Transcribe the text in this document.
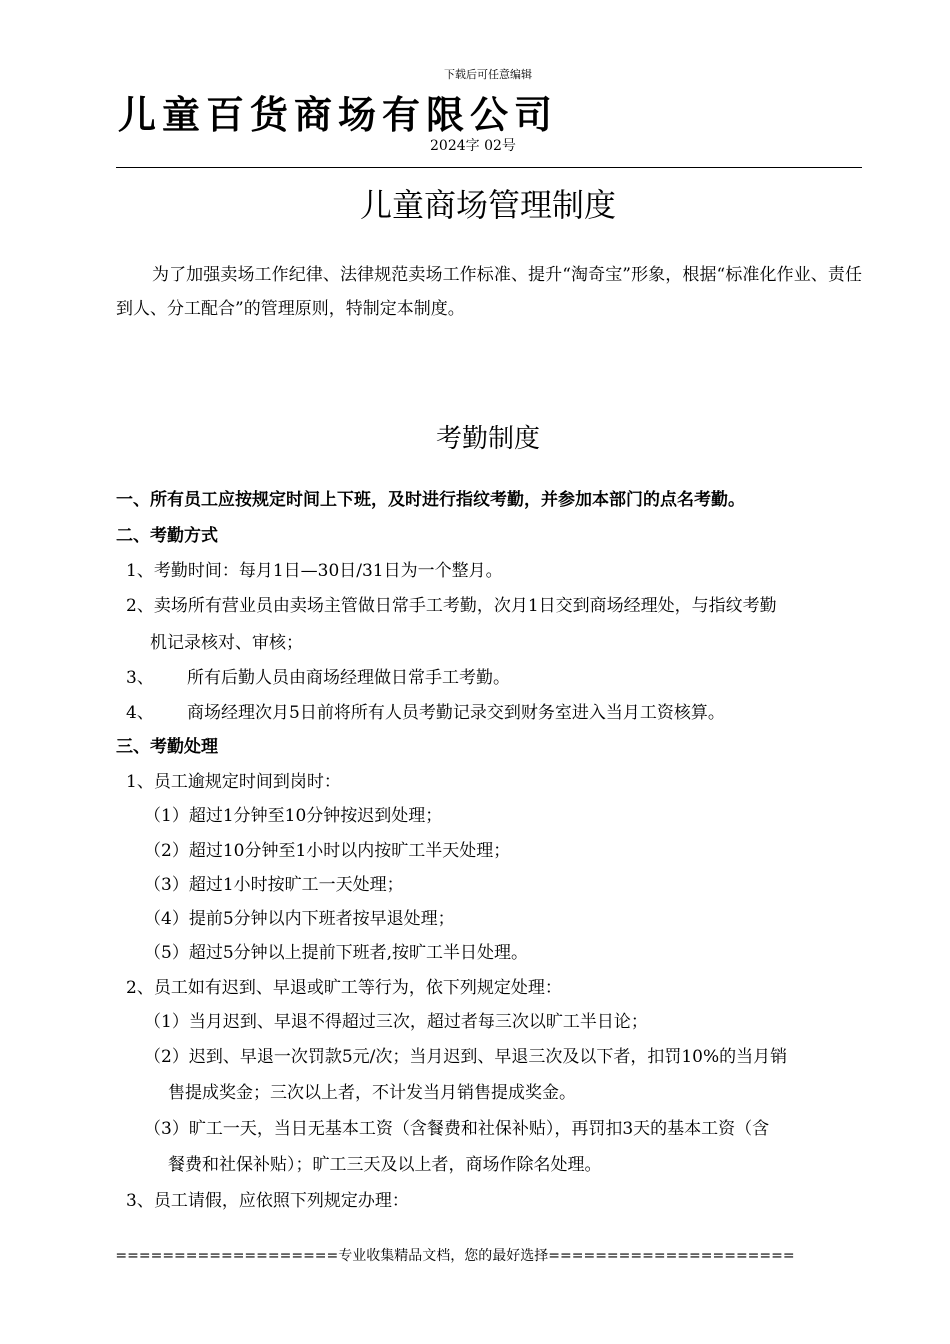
下载后可任意编辑
儿童百货商场有限公司
2024字 02号
儿童商场管理制度
为了加强卖场工作纪律、法律规范卖场工作标准、提升“淘奇宝”形象，根据“标准化作业、责任到人、分工配合”的管理原则，特制定本制度。
考勤制度
一、所有员工应按规定时间上下班，及时进行指纹考勤，并参加本部门的点名考勤。
二、考勤方式
1、考勤时间：每月1日—30日/31日为一个整月。
2、卖场所有营业员由卖场主管做日常手工考勤，次月1日交到商场经理处，与指纹考勤
机记录核对、审核；
3、 所有后勤人员由商场经理做日常手工考勤。
4、 商场经理次月5日前将所有人员考勤记录交到财务室进入当月工资核算。
三、考勤处理
1、员工逾规定时间到岗时：
（1）超过1分钟至10分钟按迟到处理；
（2）超过10分钟至1小时以内按旷工半天处理；
（3）超过1小时按旷工一天处理；
（4）提前5分钟以内下班者按早退处理；
（5）超过5分钟以上提前下班者,按旷工半日处理。
2、员工如有迟到、早退或旷工等行为，依下列规定处理：
（1）当月迟到、早退不得超过三次，超过者每三次以旷工半日论；
（2）迟到、早退一次罚款5元/次；当月迟到、早退三次及以下者，扣罚10%的当月销
售提成奖金；三次以上者，不计发当月销售提成奖金。
（3）旷工一天，当日无基本工资（含餐费和社保补贴），再罚扣3天的基本工资（含
餐费和社保补贴）；旷工三天及以上者，商场作除名处理。
3、员工请假，应依照下列规定办理：
===================专业收集精品文档，您的最好选择=====================
